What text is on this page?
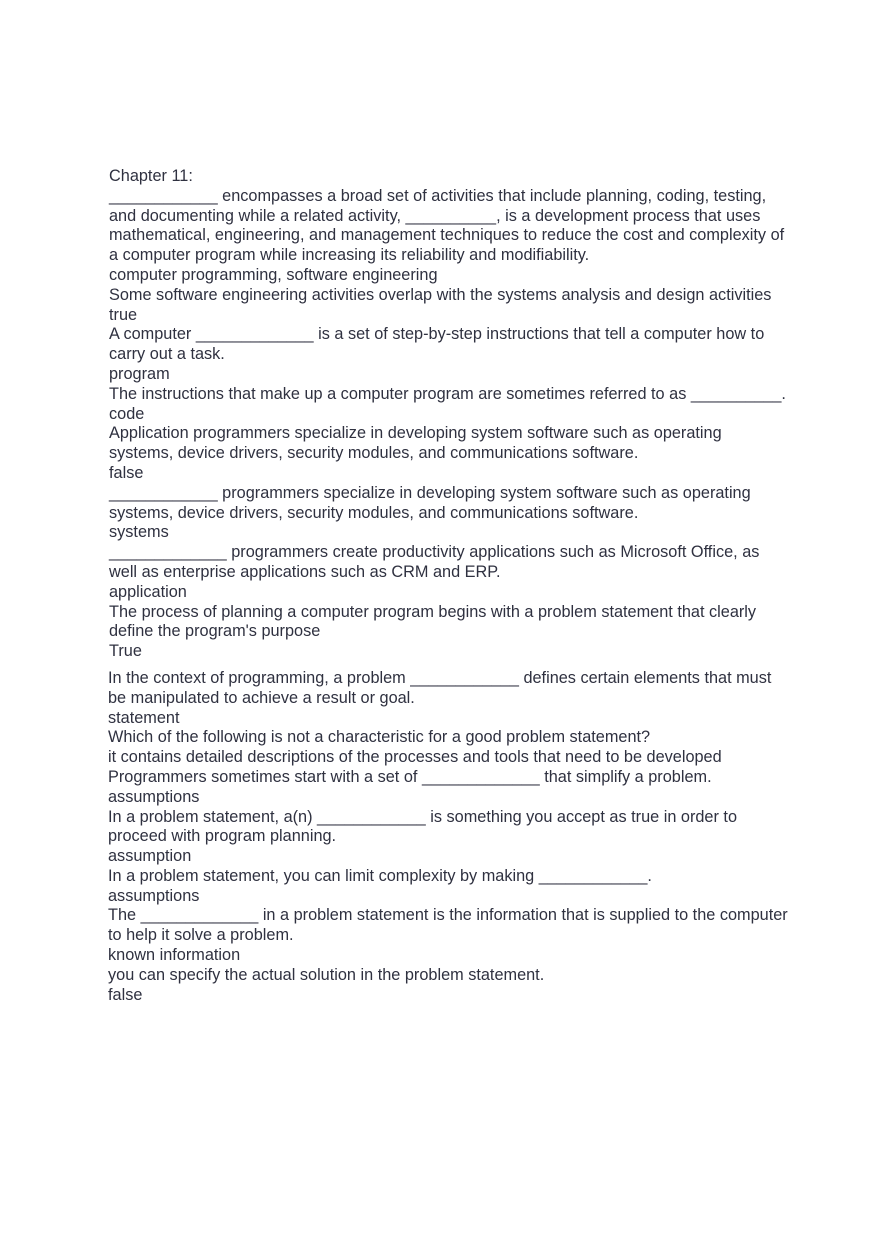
Chapter 11:

____________ encompasses a broad set of activities that include planning, coding, testing, and documenting while a related activity, __________, is a development process that uses mathematical, engineering, and management techniques to reduce the cost and complexity of a computer program while increasing its reliability and modifiability.

computer programming, software engineering

Some software engineering activities overlap with the systems analysis and design activities

true

A computer _____________ is a set of step-by-step instructions that tell a computer how to carry out a task.

program

The instructions that make up a computer program are sometimes referred to as __________.

code

Application programmers specialize in developing system software such as operating systems, device drivers, security modules, and communications software.

false

____________ programmers specialize in developing system software such as operating systems, device drivers, security modules, and communications software.

systems

_____________ programmers create productivity applications such as Microsoft Office, as well as enterprise applications such as CRM and ERP.

application

The process of planning a computer program begins with a problem statement that clearly define the program's purpose

True

In the context of programming, a problem ____________ defines certain elements that must be manipulated to achieve a result or goal.

statement

Which of the following is not a characteristic for a good problem statement?

it contains detailed descriptions of the processes and tools that need to be developed

Programmers sometimes start with a set of _____________ that simplify a problem.

assumptions

In a problem statement, a(n) ____________ is something you accept as true in order to proceed with program planning.

assumption

In a problem statement, you can limit complexity by making ____________.

assumptions

The _____________ in a problem statement is the information that is supplied to the computer to help it solve a problem.

known information

you can specify the actual solution in the problem statement.

false
